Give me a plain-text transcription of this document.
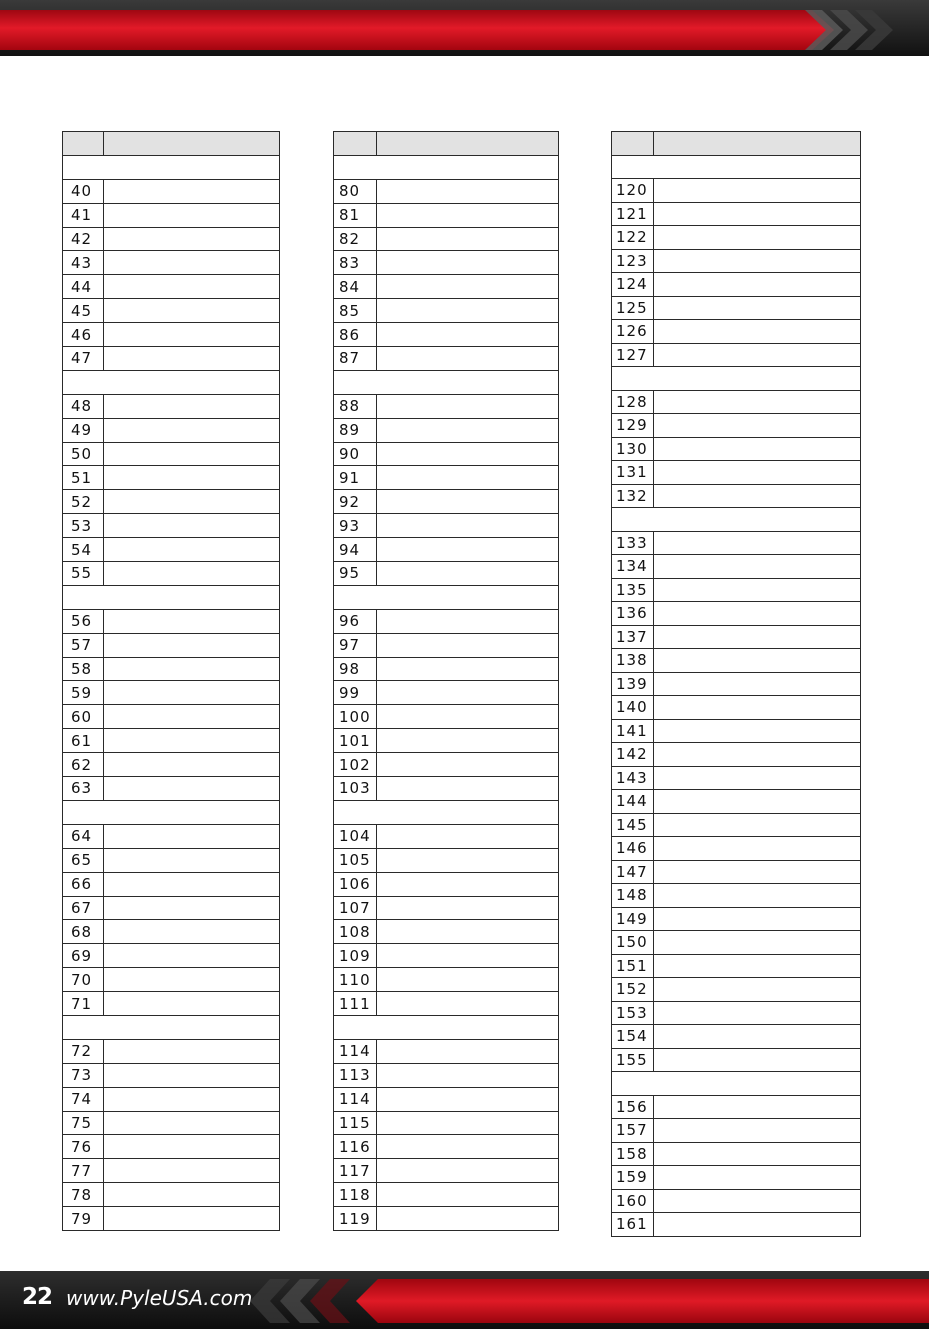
22 www.PyleUSA.com

40	
41	
42	
43	
44	
45	
46	
47	

48	
49	
50	
51	
52	
53	
54	
55	

56	
57	
58	
59	
60	
61	
62	
63	

64	
65	
66	
67	
68	
69	
70	
71	

72	
73	
74	
75	
76	
77	
78	
79	

80	
81	
82	
83	
84	
85	
86	
87	

88	
89	
90	
91	
92	
93	
94	
95	

96	
97	
98	
99	
100	
101	
102	
103	

104	
105	
106	
107	
108	
109	
110	
111	

114	
113	
114	
115	
116	
117	
118	
119	

120	
121	
122	
123	
124	
125	
126	
127	

128	
129	
130	
131	
132	

133	
134	
135	
136	
137	
138	
139	
140	
141	
142	
143	
144	
145	
146	
147	
148	
149	
150	
151	
152	
153	
154	
155	

156	
157	
158	
159	
160	
161	
